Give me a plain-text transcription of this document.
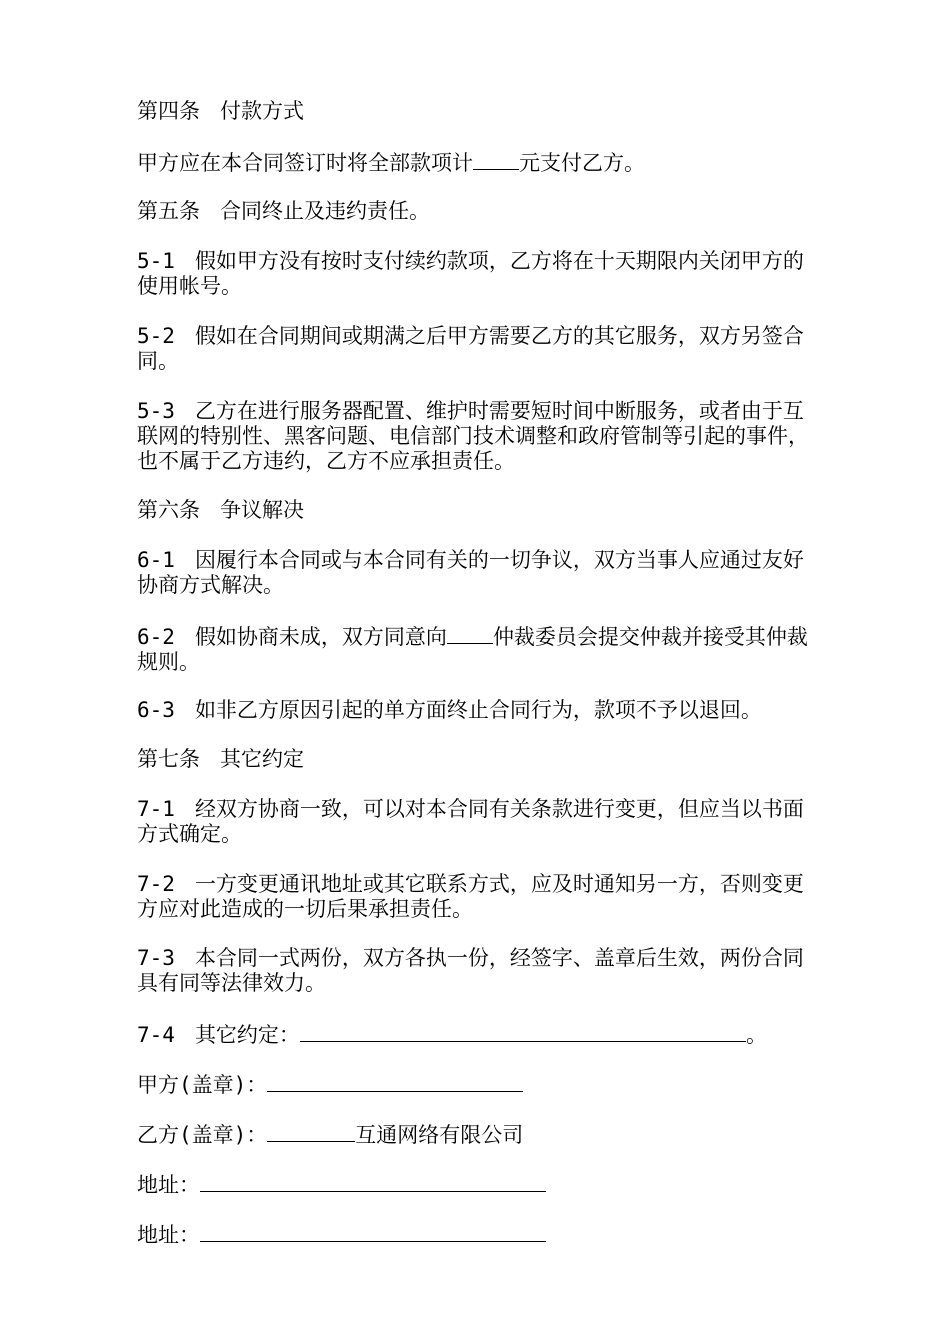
第四条 付款方式

甲方应在本合同签订时将全部款项计 元支付乙方。

第五条 合同终止及违约责任。

5-1 假如甲方没有按时支付续约款项，乙方将在十天期限内关闭甲方的使用帐号。

5-2 假如在合同期间或期满之后甲方需要乙方的其它服务，双方另签合同。

5-3 乙方在进行服务器配置、维护时需要短时间中断服务，或者由于互联网的特别性、黑客问题、电信部门技术调整和政府管制等引起的事件，也不属于乙方违约，乙方不应承担责任。

第六条 争议解决

6-1 因履行本合同或与本合同有关的一切争议，双方当事人应通过友好协商方式解决。

6-2 假如协商未成，双方同意向 仲裁委员会提交仲裁并接受其仲裁规则。

6-3 如非乙方原因引起的单方面终止合同行为，款项不予以退回。

第七条 其它约定

7-1 经双方协商一致，可以对本合同有关条款进行变更，但应当以书面方式确定。

7-2 一方变更通讯地址或其它联系方式，应及时通知另一方，否则变更方应对此造成的一切后果承担责任。

7-3 本合同一式两份，双方各执一份，经签字、盖章后生效，两份合同具有同等法律效力。

7-4 其它约定：	。

甲方(盖章)：

乙方(盖章)：	互通网络有限公司

地址：

地址：
